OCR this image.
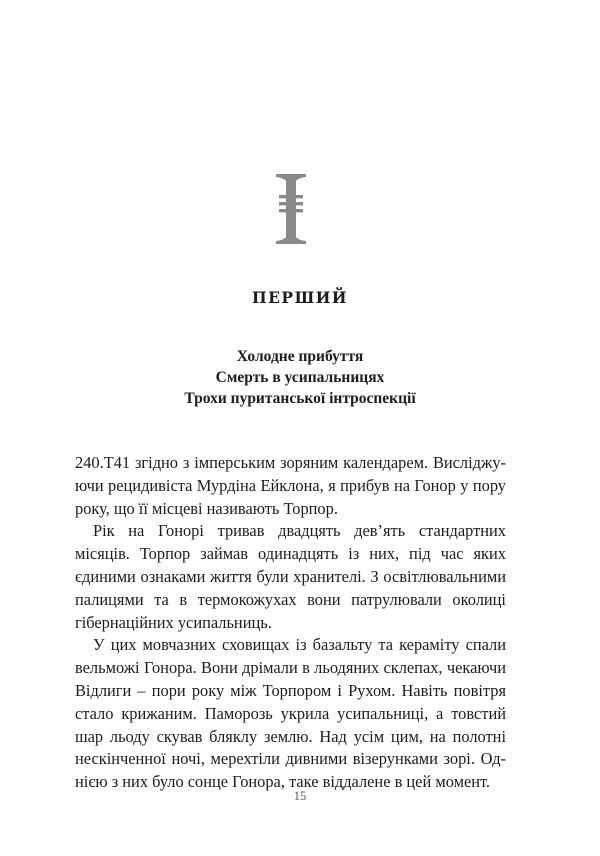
ПЕРШИЙ
Холодне прибуття
Смерть в усипальницях
Трохи пуританської інтроспекції

240.Т41 згідно з імперським зоряним календарем. Висліджуючи рецидивіста Мурдіна Ейклона, я прибув на Гонор у пору року, що її місцеві називають Торпор.

Рік на Гонорі тривав двадцять дев’ять стандартних місяців. Торпор займав одинадцять із них, під час яких єдиними ознаками життя були хранителі. З освітлювальними палицями та в термокожухах вони патрулювали околиці гібернаційних усипальниць.

У цих мовчазних сховищах із базальту та кераміту спали вельможі Гонора. Вони дрімали в льодяних склепах, чекаючи Відлиги – пори року між Торпором і Рухом. Навіть повітря стало крижаним. Паморозь укрила усипальниці, а товстий шар льоду скував бляклу землю. Над усім цим, на полотні нескінченної ночі, мерехтіли дивними візерунками зорі. Однією з них було сонце Гонора, таке віддалене в цей момент.

15
